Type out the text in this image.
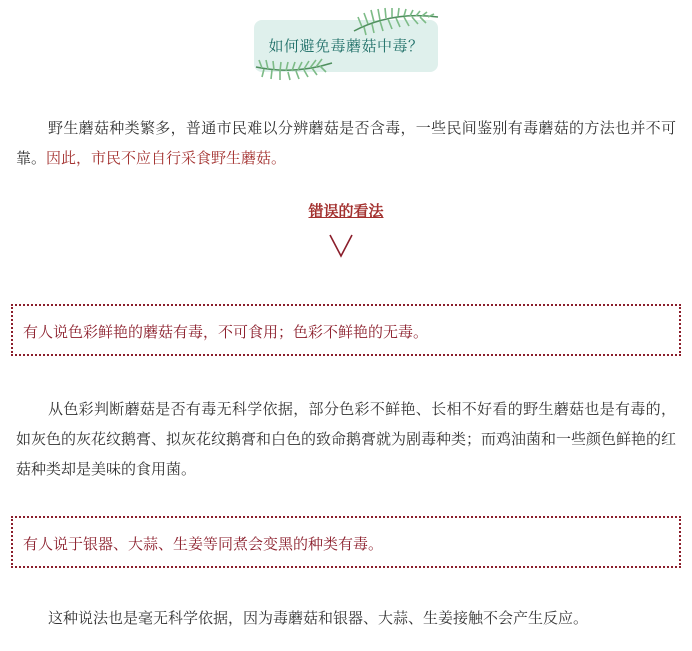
如何避免毒蘑菇中毒？

野生蘑菇种类繁多，普通市民难以分辨蘑菇是否含毒，一些民间鉴别有毒蘑菇的方法也并不可靠。因此，市民不应自行采食野生蘑菇。

错误的看法
有人说色彩鲜艳的蘑菇有毒，不可食用；色彩不鲜艳的无毒。

从色彩判断蘑菇是否有毒无科学依据，部分色彩不鲜艳、长相不好看的野生蘑菇也是有毒的，如灰色的灰花纹鹅膏、拟灰花纹鹅膏和白色的致命鹅膏就为剧毒种类；而鸡油菌和一些颜色鲜艳的红菇种类却是美味的食用菌。

有人说于银器、大蒜、生姜等同煮会变黑的种类有毒。

这种说法也是毫无科学依据，因为毒蘑菇和银器、大蒜、生姜接触不会产生反应。
